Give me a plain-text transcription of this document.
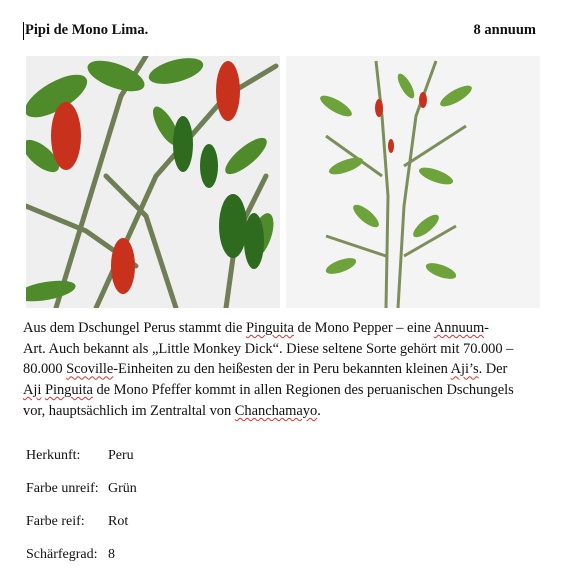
Pipi de Mono Lima.	8 annuum
Aus dem Dschungel Perus stammt die Pinguita de Mono Pepper – eine Annuum-
Art. Auch bekannt als „Little Monkey Dick“. Diese seltene Sorte gehört mit 70.000 –
80.000 Scoville-Einheiten zu den heißesten der in Peru bekannten kleinen Aji’s. Der
Aji Pinguita de Mono Pfeffer kommt in allen Regionen des peruanischen Dschungels
vor, hauptsächlich im Zentraltal von Chanchamayo.
Herkunft: Peru
Farbe unreif: Grün
Farbe reif: Rot
Schärfegrad: 8
